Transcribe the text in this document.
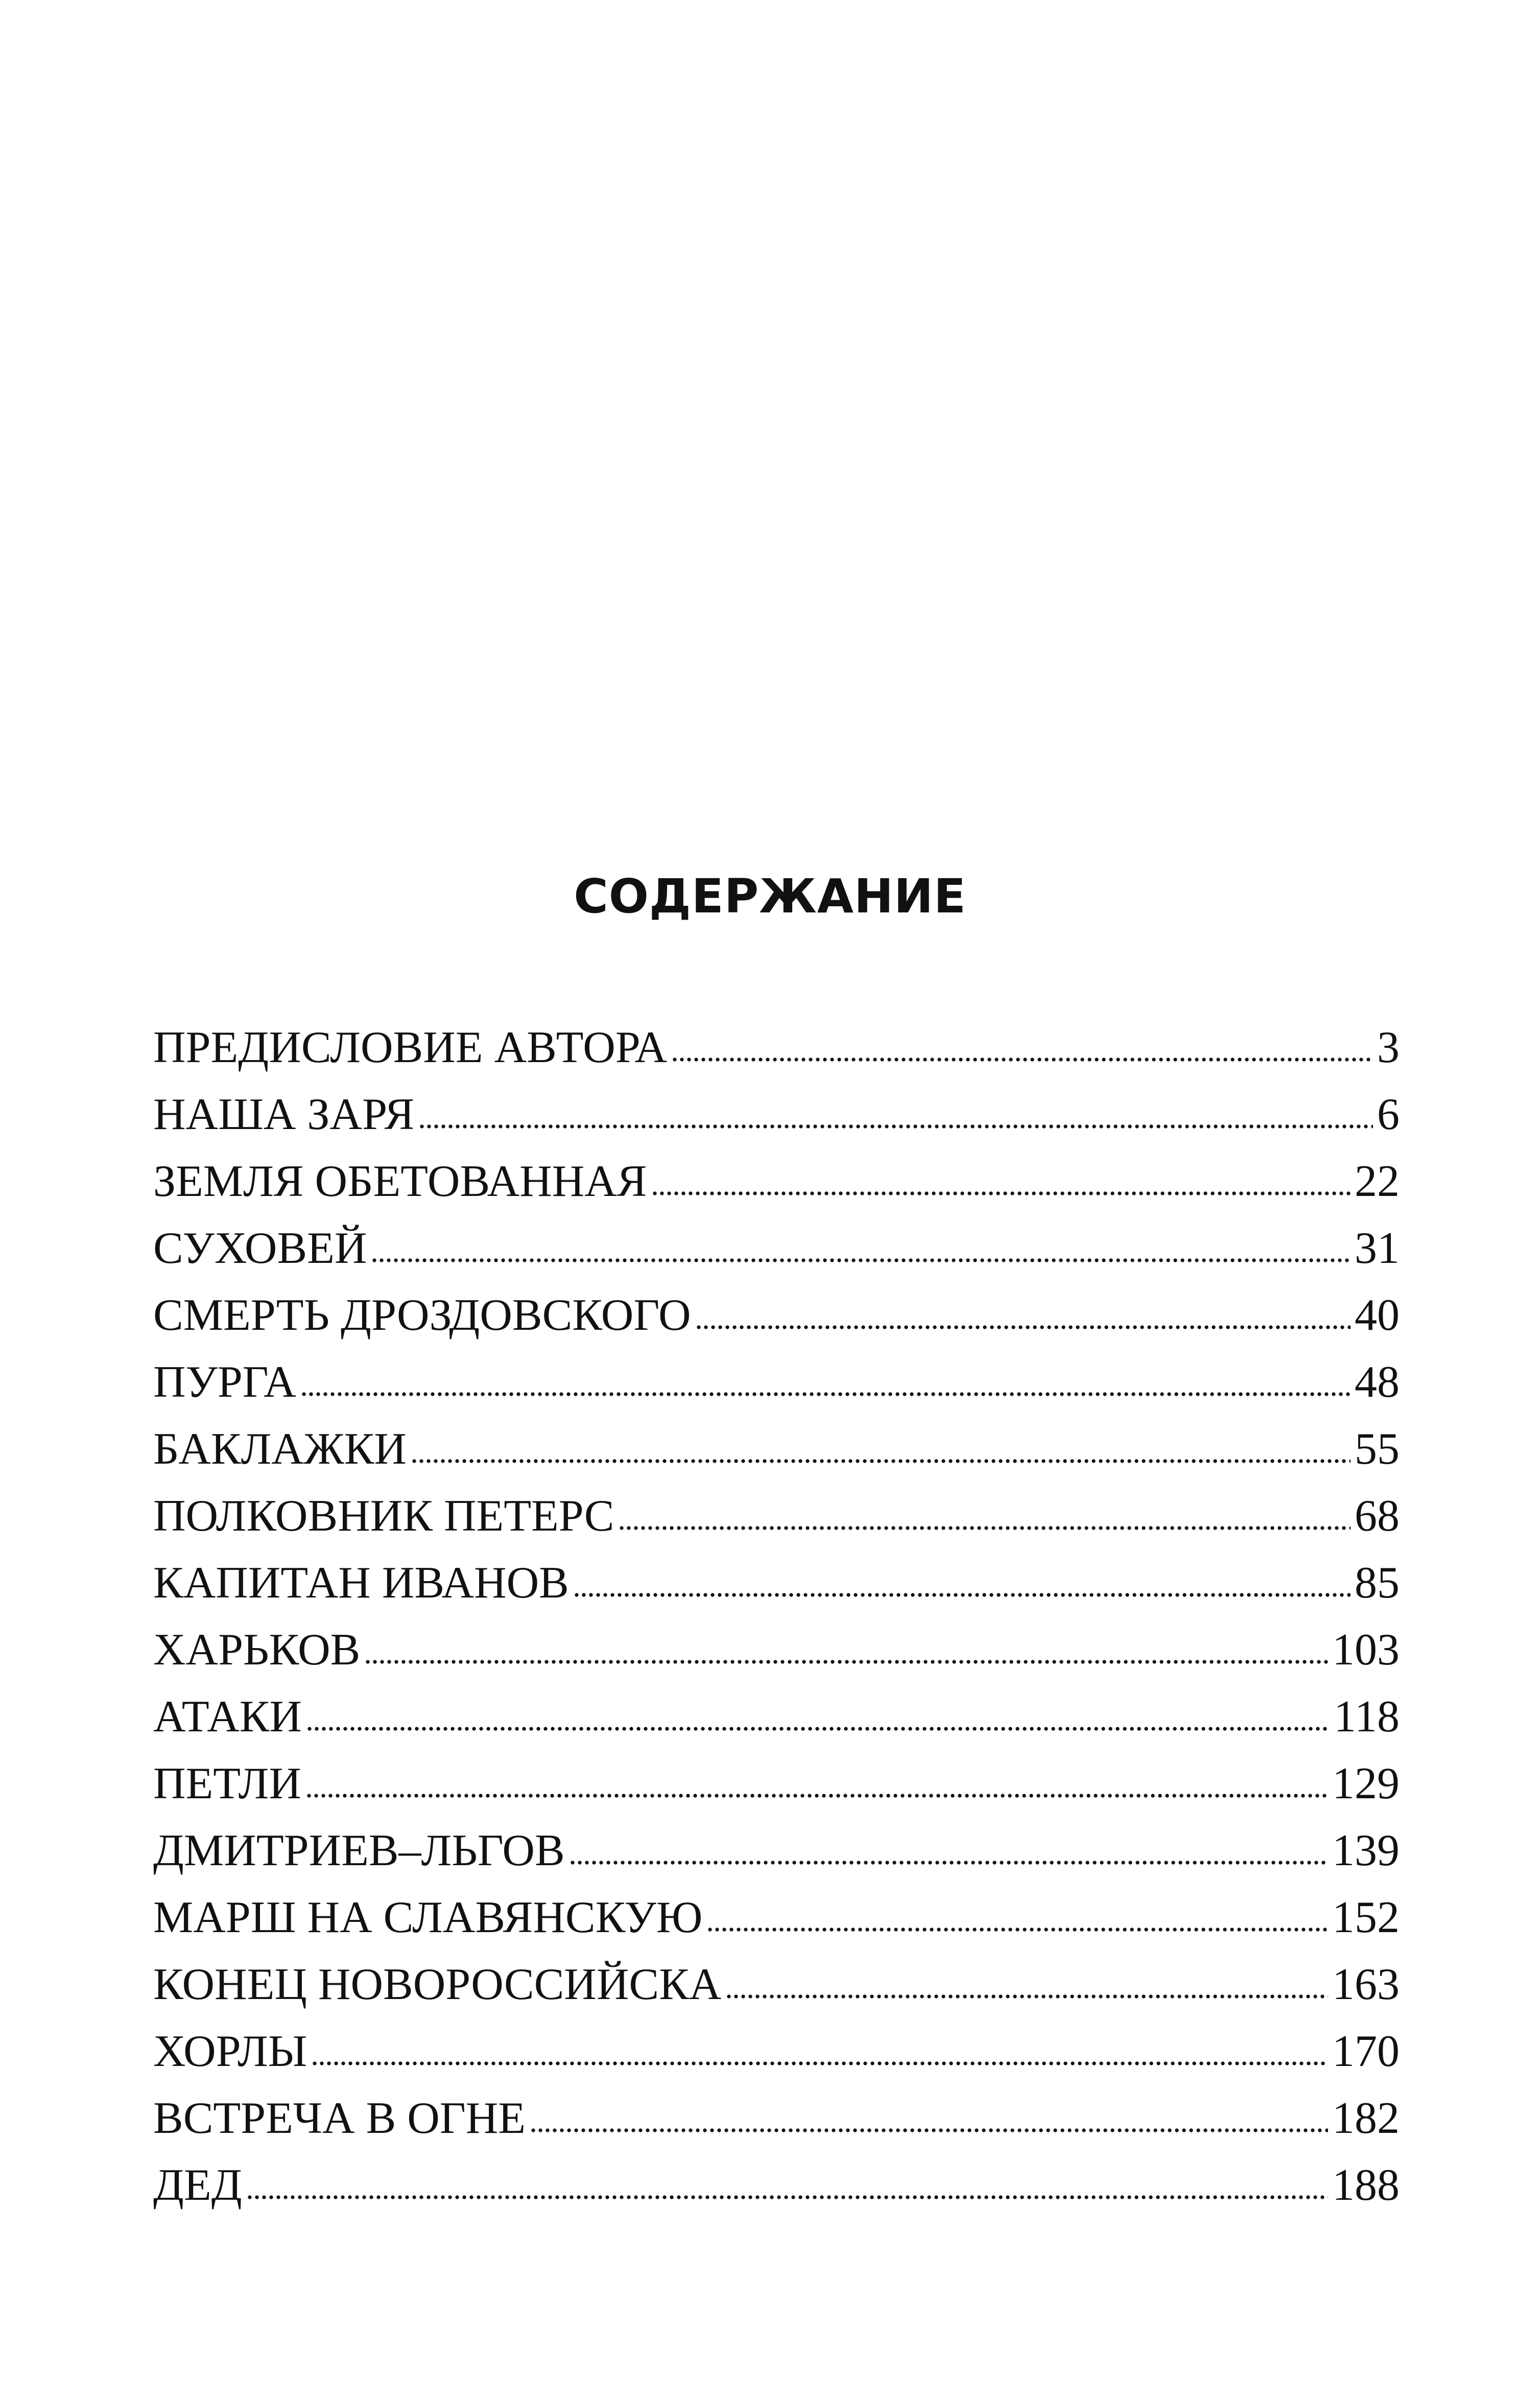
СОДЕРЖАНИЕ
ПРЕДИСЛОВИЕ АВТОРА	3
НАША ЗАРЯ	6
ЗЕМЛЯ ОБЕТОВАННАЯ	22
СУХОВЕЙ	31
СМЕРТЬ ДРОЗДОВСКОГО	40
ПУРГА	48
БАКЛАЖКИ	55
ПОЛКОВНИК ПЕТЕРС	68
КАПИТАН ИВАНОВ	85
ХАРЬКОВ	103
АТАКИ	118
ПЕТЛИ	129
ДМИТРИЕВ–ЛЬГОВ	139
МАРШ НА СЛАВЯНСКУЮ	152
КОНЕЦ НОВОРОССИЙСКА	163
ХОРЛЫ	170
ВСТРЕЧА В ОГНЕ	182
ДЕД	188
